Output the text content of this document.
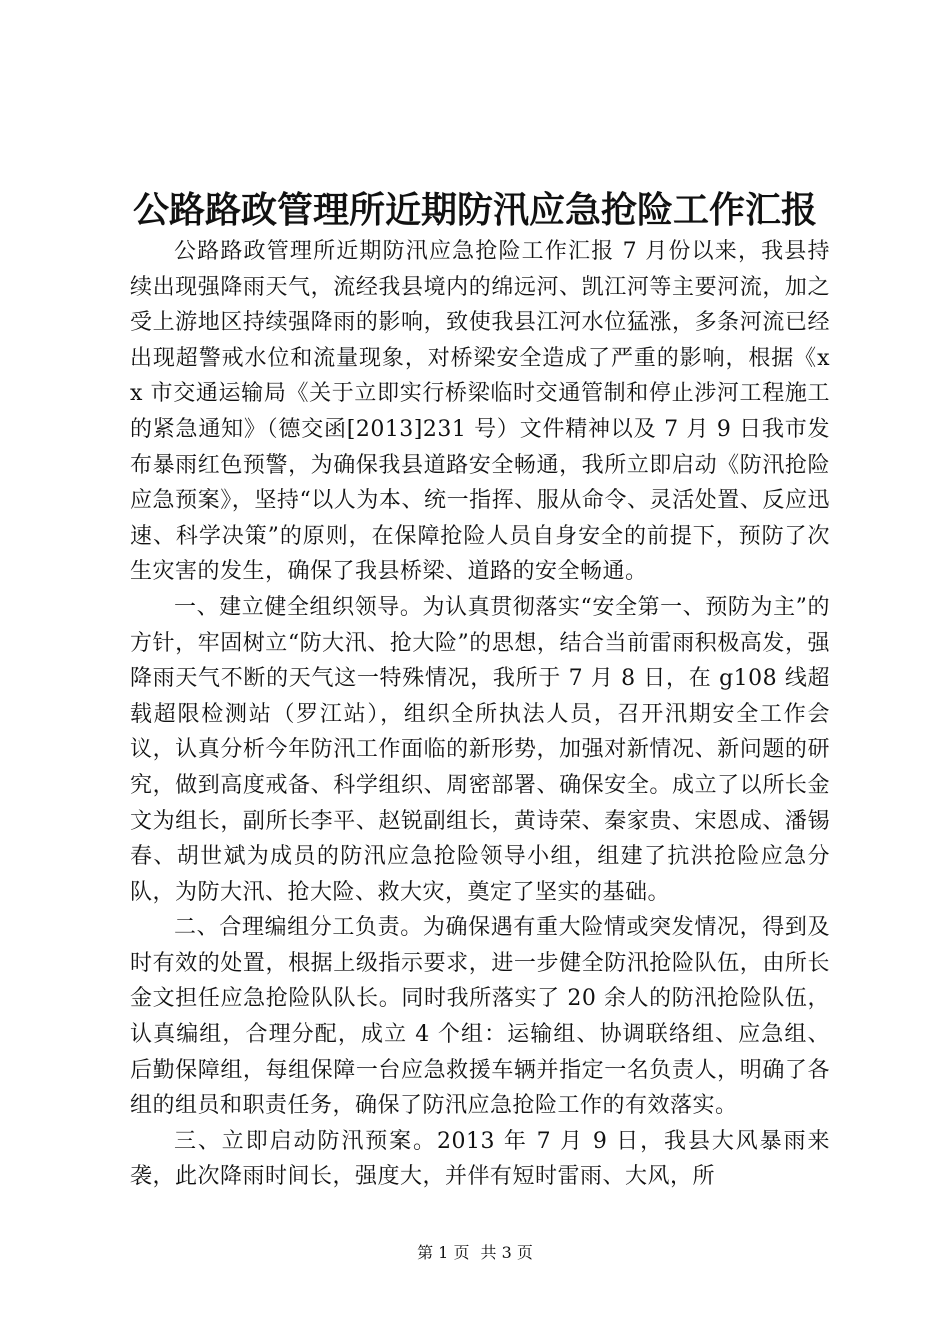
公路路政管理所近期防汛应急抢险工作汇报

公路路政管理所近期防汛应急抢险工作汇报 7 月份以来，我县持续出现强降雨天气，流经我县境内的绵远河、凯江河等主要河流，加之受上游地区持续强降雨的影响，致使我县江河水位猛涨，多条河流已经出现超警戒水位和流量现象，对桥梁安全造成了严重的影响，根据《xx 市交通运输局《关于立即实行桥梁临时交通管制和停止涉河工程施工的紧急通知》（德交函[2013]231 号）文件精神以及 7 月 9 日我市发布暴雨红色预警，为确保我县道路安全畅通，我所立即启动《防汛抢险应急预案》，坚持“以人为本、统一指挥、服从命令、灵活处置、反应迅速、科学决策”的原则，在保障抢险人员自身安全的前提下，预防了次生灾害的发生，确保了我县桥梁、道路的安全畅通。

一、建立健全组织领导。为认真贯彻落实“安全第一、预防为主”的方针，牢固树立“防大汛、抢大险”的思想，结合当前雷雨积极高发，强降雨天气不断的天气这一特殊情况，我所于 7 月 8 日，在 g108 线超载超限检测站（罗江站），组织全所执法人员，召开汛期安全工作会议，认真分析今年防汛工作面临的新形势，加强对新情况、新问题的研究，做到高度戒备、科学组织、周密部署、确保安全。成立了以所长金文为组长，副所长李平、赵锐副组长，黄诗荣、秦家贵、宋恩成、潘锡春、胡世斌为成员的防汛应急抢险领导小组，组建了抗洪抢险应急分队，为防大汛、抢大险、救大灾，奠定了坚实的基础。

二、合理编组分工负责。为确保遇有重大险情或突发情况，得到及时有效的处置，根据上级指示要求，进一步健全防汛抢险队伍，由所长金文担任应急抢险队队长。同时我所落实了 20 余人的防汛抢险队伍，认真编组，合理分配，成立 4 个组：运输组、协调联络组、应急组、后勤保障组，每组保障一台应急救援车辆并指定一名负责人，明确了各组的组员和职责任务，确保了防汛应急抢险工作的有效落实。

三、立即启动防汛预案。2013 年 7 月 9 日，我县大风暴雨来袭，此次降雨时间长，强度大，并伴有短时雷雨、大风，所

第 1 页 共 3 页
